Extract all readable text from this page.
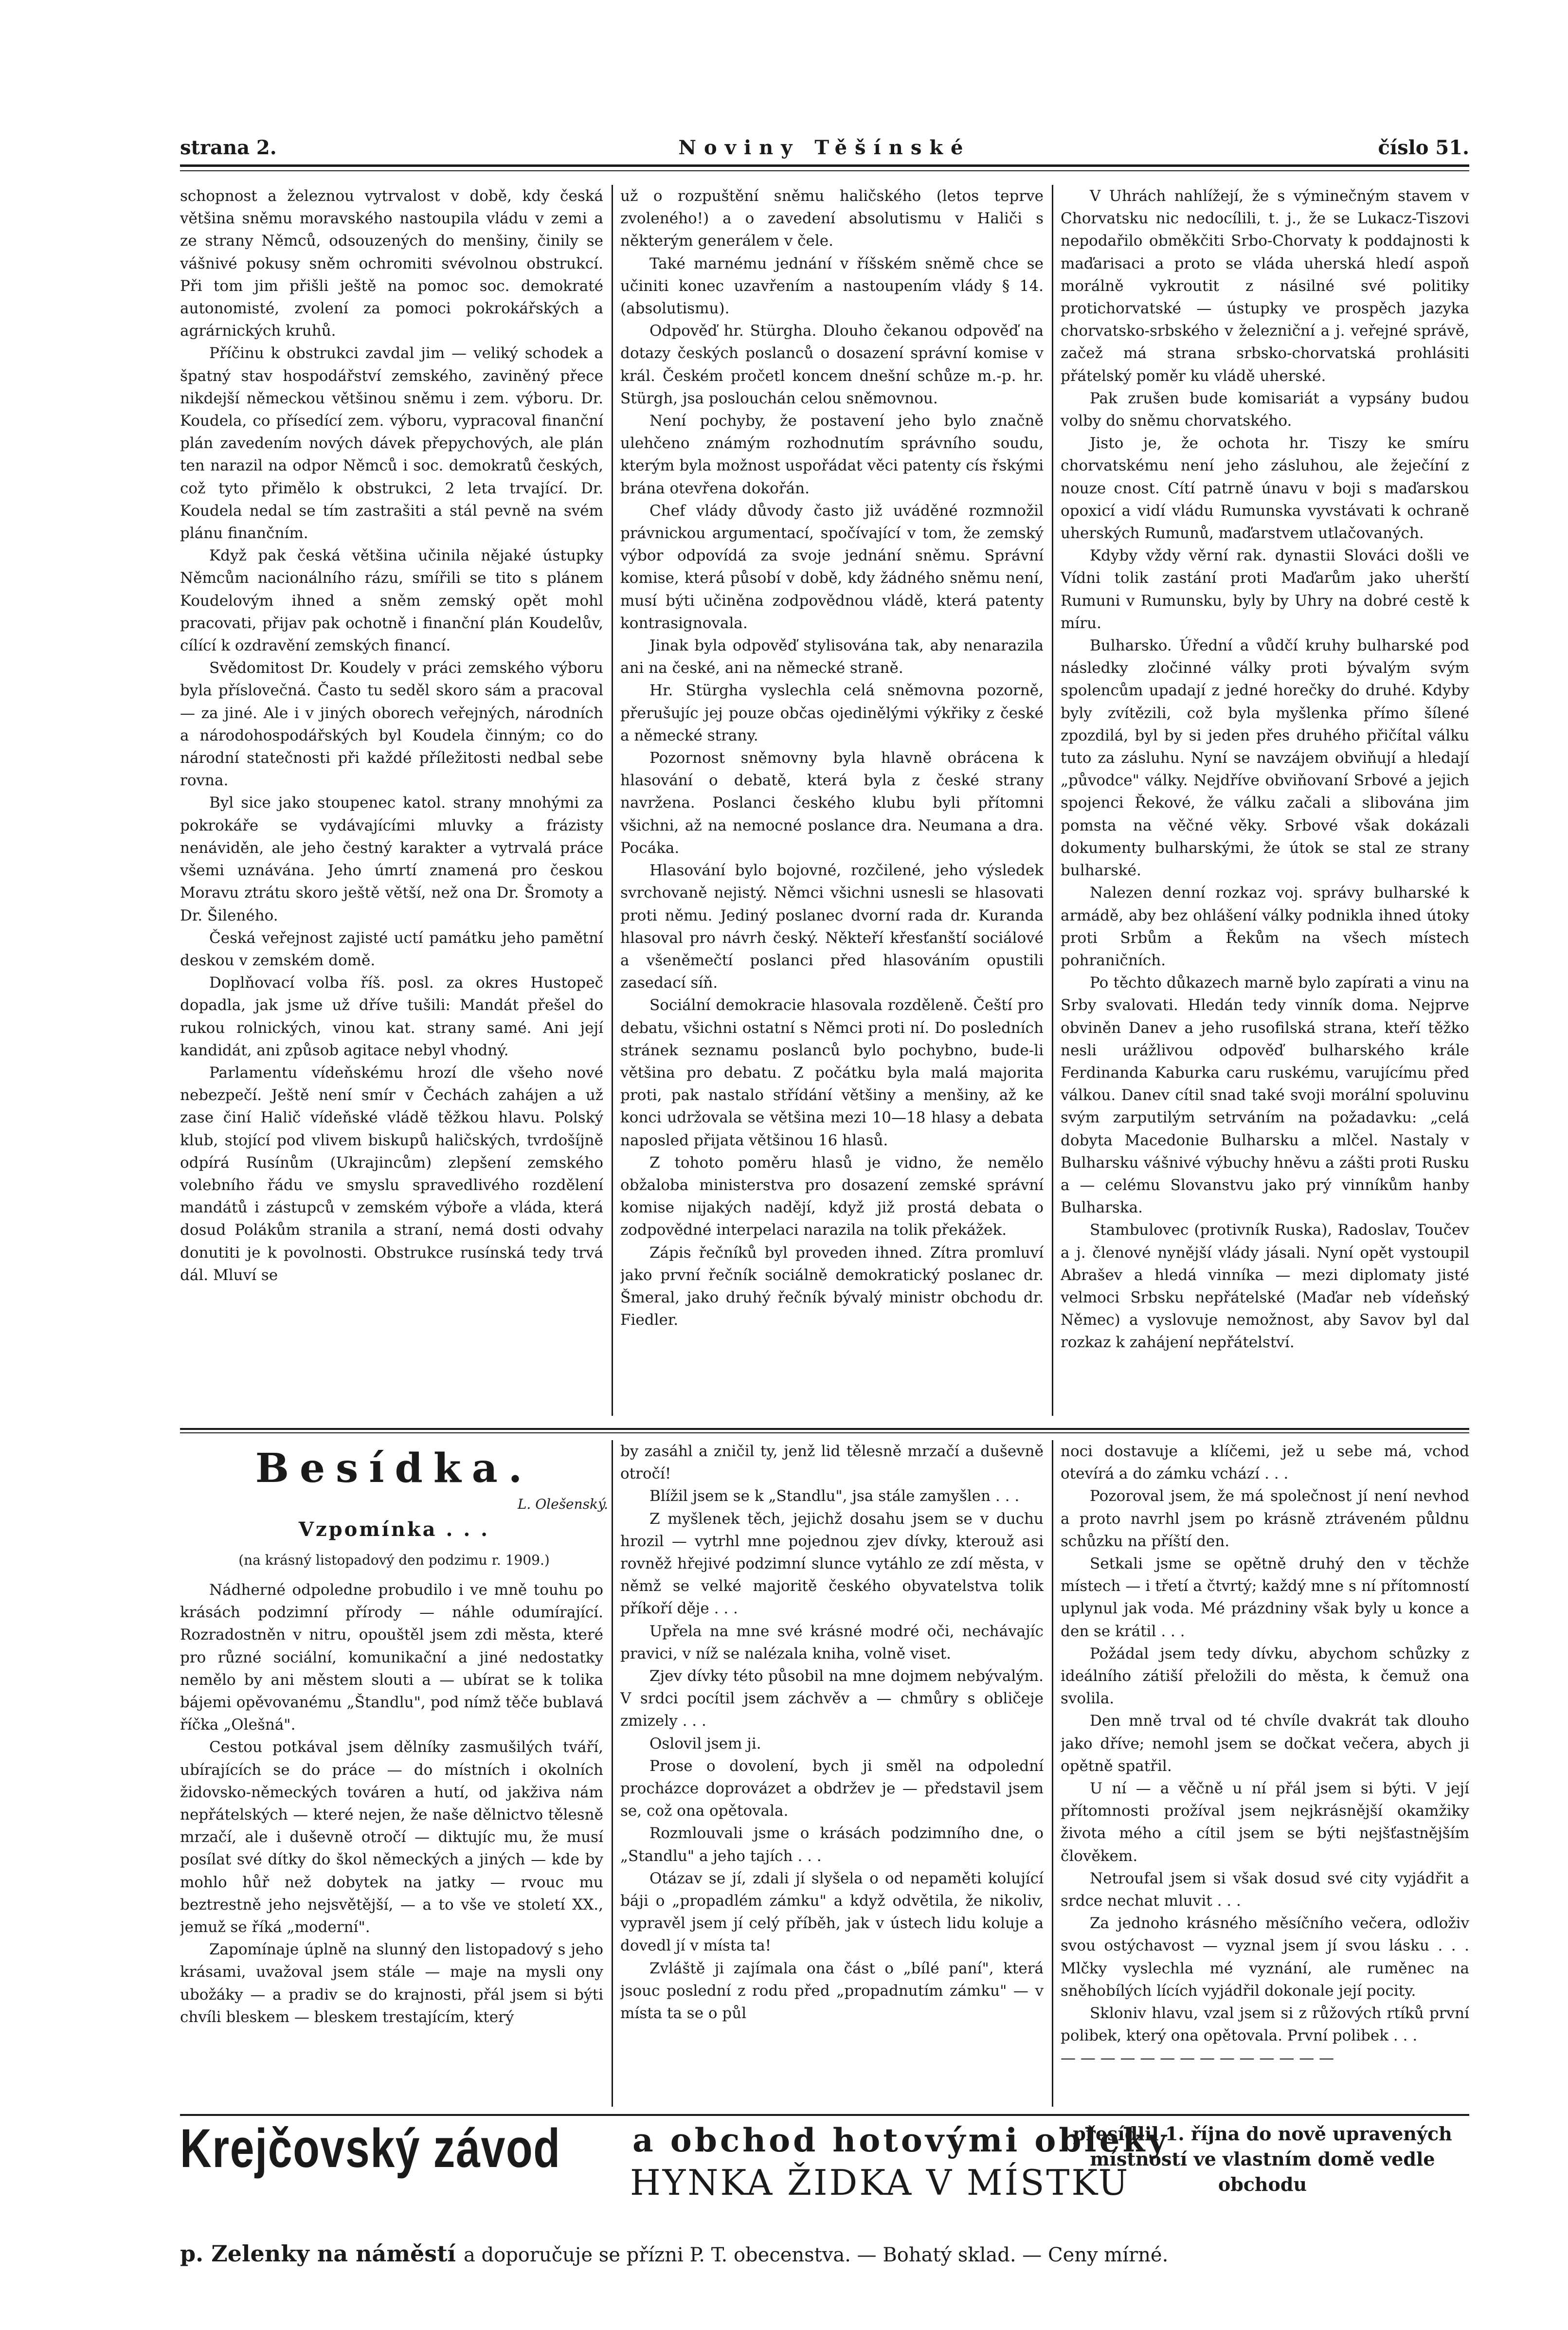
strana 2.	Noviny Těšínské	číslo 51.

schopnost a železnou vytrvalost v době, kdy česká většina sněmu moravského nastoupila vládu v zemi a ze strany Němců, odsouzených do menšiny, činily se vášnivé pokusy sněm ochromiti svévolnou obstrukcí. Při tom jim přišli ještě na pomoc soc. demokraté autonomisté, zvolení za pomoci pokrokářských a agrárnických kruhů.

Příčinu k obstrukci zavdal jim — veliký schodek a špatný stav hospodářství zemského, zaviněný přece nikdejší německou většinou sněmu i zem. výboru. Dr. Koudela, co přísedící zem. výboru, vypracoval finanční plán zavedením nových dávek přepychových, ale plán ten narazil na odpor Němců i soc. demokratů českých, což tyto přimělo k obstrukci, 2 leta trvající. Dr. Koudela nedal se tím zastrašiti a stál pevně na svém plánu finančním.

Když pak česká většina učinila nějaké ústupky Němcům nacionálního rázu, smířili se tito s plánem Koudelovým ihned a sněm zemský opět mohl pracovati, přijav pak ochotně i finanční plán Koudelův, cílící k ozdravění zemských financí.

Svědomitost Dr. Koudely v práci zemského výboru byla příslovečná. Často tu seděl skoro sám a pracoval — za jiné. Ale i v jiných oborech veřejných, národních a národohospodářských byl Koudela činným; co do národní statečnosti při každé příležitosti nedbal sebe rovna.

Byl sice jako stoupenec katol. strany mnohými za pokrokáře se vydávajícími mluvky a frázisty nenáviděn, ale jeho čestný karakter a vytrvalá práce všemi uznávána. Jeho úmrtí znamená pro českou Moravu ztrátu skoro ještě větší, než ona Dr. Šromoty a Dr. Šileného.

Česká veřejnost zajisté uctí památku jeho pamětní deskou v zemském domě.

Doplňovací volba říš. posl. za okres Hustopeč dopadla, jak jsme už dříve tušili: Mandát přešel do rukou rolnických, vinou kat. strany samé. Ani její kandidát, ani způsob agitace nebyl vhodný.

Parlamentu vídeňskému hrozí dle všeho nové nebezpečí. Ještě není smír v Čechách zahájen a už zase činí Halič vídeňské vládě těžkou hlavu. Polský klub, stojící pod vlivem biskupů haličských, tvrdošíjně odpírá Rusínům (Ukrajincům) zlepšení zemského volebního řádu ve smyslu spravedlivého rozdělení mandátů i zástupců v zemském výboře a vláda, která dosud Polákům stranila a straní, nemá dosti odvahy donutiti je k povolnosti. Obstrukce rusínská tedy trvá dál. Mluví se

už o rozpuštění sněmu haličského (letos teprve zvoleného!) a o zavedení absolutismu v Haliči s některým generálem v čele.

Také marnému jednání v říšském sněmě chce se učiniti konec uzavřením a nastoupením vlády § 14. (absolutismu).

Odpověď hr. Stürgha. Dlouho čekanou odpověď na dotazy českých poslanců o dosazení správní komise v král. Českém pročetl koncem dnešní schůze m.-p. hr. Stürgh, jsa poslouchán celou sněmovnou.

Není pochyby, že postavení jeho bylo značně ulehčeno známým rozhodnutím správního soudu, kterým byla možnost uspořádat věci patenty cís řskými brána otevřena dokořán.

Chef vlády důvody často již uváděné rozmnožil právnickou argumentací, spočívající v tom, že zemský výbor odpovídá za svoje jednání sněmu. Správní komise, která působí v době, kdy žádného sněmu není, musí býti učiněna zodpovědnou vládě, která patenty kontrasignovala.

Jinak byla odpověď stylisována tak, aby nenarazila ani na české, ani na německé straně.

Hr. Stürgha vyslechla celá sněmovna pozorně, přerušujíc jej pouze občas ojedinělými výkřiky z české a německé strany.

Pozornost sněmovny byla hlavně obrácena k hlasování o debatě, která byla z české strany navržena. Poslanci českého klubu byli přítomni všichni, až na nemocné poslance dra. Neumana a dra. Pocáka.

Hlasování bylo bojovné, rozčilené, jeho výsledek svrchovaně nejistý. Němci všichni usnesli se hlasovati proti němu. Jediný poslanec dvorní rada dr. Kuranda hlasoval pro návrh český. Někteří křesťanští sociálové a všeněmečtí poslanci před hlasováním opustili zasedací síň.

Sociální demokracie hlasovala rozděleně. Čeští pro debatu, všichni ostatní s Němci proti ní. Do posledních stránek seznamu poslanců bylo pochybno, bude-li většina pro debatu. Z počátku byla malá majorita proti, pak nastalo střídání většiny a menšiny, až ke konci udržovala se většina mezi 10—18 hlasy a debata naposled přijata většinou 16 hlasů.

Z tohoto poměru hlasů je vidno, že nemělo obžaloba ministerstva pro dosazení zemské správní komise nijakých nadějí, když již prostá debata o zodpovědné interpelaci narazila na tolik překážek.

Zápis řečníků byl proveden ihned. Zítra promluví jako první řečník sociálně demokratický poslanec dr. Šmeral, jako druhý řečník bývalý ministr obchodu dr. Fiedler.

V Uhrách nahlížejí, že s výminečným stavem v Chorvatsku nic nedocílili, t. j., že se Lukacz-Tiszovi nepodařilo obměkčiti Srbo-Chorvaty k poddajnosti k maďarisaci a proto se vláda uherská hledí aspoň morálně vykroutit z násilné své politiky protichorvatské — ústupky ve prospěch jazyka chorvatsko-srbského v železniční a j. veřejné správě, začež má strana srbsko-chorvatská prohlásiti přátelský poměr ku vládě uherské.

Pak zrušen bude komisariát a vypsány budou volby do sněmu chorvatského.

Jisto je, že ochota hr. Tiszy ke smíru chorvatskému není jeho zásluhou, ale žeječíní z nouze cnost. Cítí patrně únavu v boji s maďarskou opoxicí a vidí vládu Rumunska vyvstávati k ochraně uherských Rumunů, maďarstvem utlačovaných.

Kdyby vždy věrní rak. dynastii Slováci došli ve Vídni tolik zastání proti Maďarům jako uherští Rumuni v Rumunsku, byly by Uhry na dobré cestě k míru.

Bulharsko. Úřední a vůdčí kruhy bulharské pod následky zločinné války proti bývalým svým spolencům upadají z jedné horečky do druhé. Kdyby byly zvítězili, což byla myšlenka přímo šílené zpozdilá, byl by si jeden přes druhého přičítal válku tuto za zásluhu. Nyní se navzájem obviňují a hledají „původce" války. Nejdříve obviňovaní Srbové a jejich spojenci Řekové, že válku začali a slibována jim pomsta na věčné věky. Srbové však dokázali dokumenty bulharskými, že útok se stal ze strany bulharské.

Nalezen denní rozkaz voj. správy bulharské k armádě, aby bez ohlášení války podnikla ihned útoky proti Srbům a Řekům na všech místech pohraničních.

Po těchto důkazech marně bylo zapírati a vinu na Srby svalovati. Hledán tedy vinník doma. Nejprve obviněn Danev a jeho rusofilská strana, kteří těžko nesli urážlivou odpověď bulharského krále Ferdinanda Kaburka caru ruskému, varujícímu před válkou. Danev cítil snad také svoji morální spoluvinu svým zarputilým setrváním na požadavku: „celá dobyta Macedonie Bulharsku a mlčel. Nastaly v Bulharsku vášnivé výbuchy hněvu a zášti proti Rusku a — celému Slovanstvu jako prý vinníkům hanby Bulharska.

Stambulovec (protivník Ruska), Radoslav, Toučev a j. členové nynější vlády jásali. Nyní opět vystoupil Abrašev a hledá vinníka — mezi diplomaty jisté velmoci Srbsku nepřátelské (Maďar neb vídeňský Němec) a vyslovuje nemožnost, aby Savov byl dal rozkaz k zahájení nepřátelství.

Besídka.
L. Olešenský.
Vzpomínka . . .
(na krásný listopadový den podzimu r. 1909.)

Nádherné odpoledne probudilo i ve mně touhu po krásách podzimní přírody — náhle odumírající. Rozradostněn v nitru, opouštěl jsem zdi města, které pro různé sociální, komunikační a jiné nedostatky nemělo by ani městem slouti a — ubírat se k tolika bájemi opěvovanému „Štandlu", pod nímž těče bublavá říčka „Olešná".

Cestou potkával jsem dělníky zasmušilých tváří, ubírajících se do práce — do místních i okolních židovsko-německých továren a hutí, od jakživa nám nepřátelských — které nejen, že naše dělnictvo tělesně mrzačí, ale i duševně otročí — diktujíc mu, že musí posílat své dítky do škol německých a jiných — kde by mohlo hůř než dobytek na jatky — rvouc mu beztrestně jeho nejsvětější, — a to vše ve století XX., jemuž se říká „moderní".

Zapomínaje úplně na slunný den listopadový s jeho krásami, uvažoval jsem stále — maje na mysli ony ubožáky — a pradiv se do krajnosti, přál jsem si býti chvíli bleskem — bleskem trestajícím, který

by zasáhl a zničil ty, jenž lid tělesně mrzačí a duševně otročí!

Blížil jsem se k „Standlu", jsa stále zamyšlen . . .

Z myšlenek těch, jejichž dosahu jsem se v duchu hrozil — vytrhl mne pojednou zjev dívky, kterouž asi rovněž hřejivé podzimní slunce vytáhlo ze zdí města, v němž se velké majoritě českého obyvatelstva tolik příkoří děje . . .

Upřela na mne své krásné modré oči, nechávajíc pravici, v níž se nalézala kniha, volně viset.

Zjev dívky této působil na mne dojmem nebývalým. V srdci pocítil jsem záchvěv a — chmůry s obličeje zmizely . . .

Oslovil jsem ji.

Prose o dovolení, bych ji směl na odpolední procházce doprovázet a obdržev je — představil jsem se, což ona opětovala.

Rozmlouvali jsme o krásách podzimního dne, o „Standlu" a jeho tajích . . .

Otázav se jí, zdali jí slyšela o od nepaměti kolující báji o „propadlém zámku" a když odvětila, že nikoliv, vypravěl jsem jí celý příběh, jak v ústech lidu koluje a dovedl jí v místa ta!

Zvláště ji zajímala ona část o „bílé paní", která jsouc poslední z rodu před „propadnutím zámku" — v místa ta se o půl

noci dostavuje a klíčemi, jež u sebe má, vchod otevírá a do zámku vchází . . .

Pozoroval jsem, že má společnost jí není nevhod a proto navrhl jsem po krásně ztráveném půldnu schůzku na příští den.

Setkali jsme se opětně druhý den v těchže místech — i třetí a čtvrtý; každý mne s ní přítomností uplynul jak voda. Mé prázdniny však byly u konce a den se krátil . . .

Požádal jsem tedy dívku, abychom schůzky z ideálního zátiší přeložili do města, k čemuž ona svolila.

Den mně trval od té chvíle dvakrát tak dlouho jako dříve; nemohl jsem se dočkat večera, abych ji opětně spatřil.

U ní — a věčně u ní přál jsem si býti. V její přítomnosti prožíval jsem nejkrásnější okamžiky života mého a cítil jsem se býti nejšťastnějším člověkem.

Netroufal jsem si však dosud své city vyjádřit a srdce nechat mluvit . . .

Za jednoho krásného měsíčního večera, odloživ svou ostýchavost — vyznal jsem jí svou lásku . . . Mlčky vyslechla mé vyznání, ale ruměnec na sněhobílých lících vyjádřil dokonale její pocity.

Skloniv hlavu, vzal jsem si z růžových rtíků první polibek, který ona opětovala. První polibek . . .

— — — — — — — — — — — — — —

Krejčovský závod a obchod hotovými obleky
HYNKA ŽIDKA V MÍSTKU
přesídlil 1. října do nově upravených místností ve vlastním domě vedle obchodu
p. Zelenky na náměstí a doporučuje se přízni P. T. obecenstva. — Bohatý sklad. — Ceny mírné.
